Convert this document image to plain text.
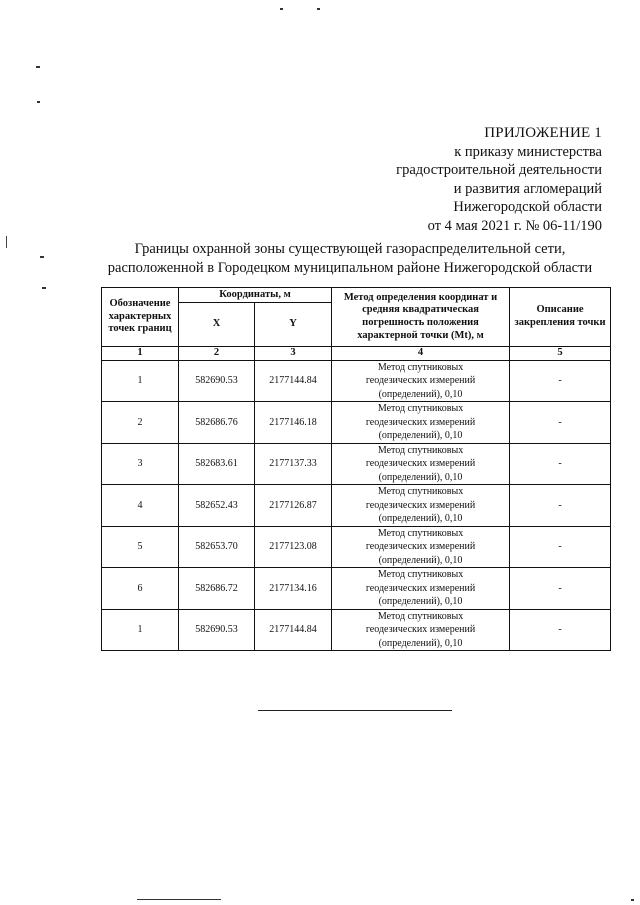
ПРИЛОЖЕНИЕ 1
к приказу министерства
градостроительной деятельности
и развития агломераций
Нижегородской области
от 4 мая 2021 г. № 06-11/190
Границы охранной зоны существующей газораспределительной сети,
расположенной в Городецком муниципальном районе Нижегородской области
Обозначение характерных точек границ	Координаты, м		Метод определения координат и средняя квадратическая погрешность положения характерной точки (Mt), м	Описание закрепления точки
	X	Y		
1	2	3	4	5
1	582690.53	2177144.84	Метод спутниковых
геодезических измерений
(определений), 0,10	-
2	582686.76	2177146.18	Метод спутниковых
геодезических измерений
(определений), 0,10	-
3	582683.61	2177137.33	Метод спутниковых
геодезических измерений
(определений), 0,10	-
4	582652.43	2177126.87	Метод спутниковых
геодезических измерений
(определений), 0,10	-
5	582653.70	2177123.08	Метод спутниковых
геодезических измерений
(определений), 0,10	-
6	582686.72	2177134.16	Метод спутниковых
геодезических измерений
(определений), 0,10	-
1	582690.53	2177144.84	Метод спутниковых
геодезических измерений
(определений), 0,10	-
